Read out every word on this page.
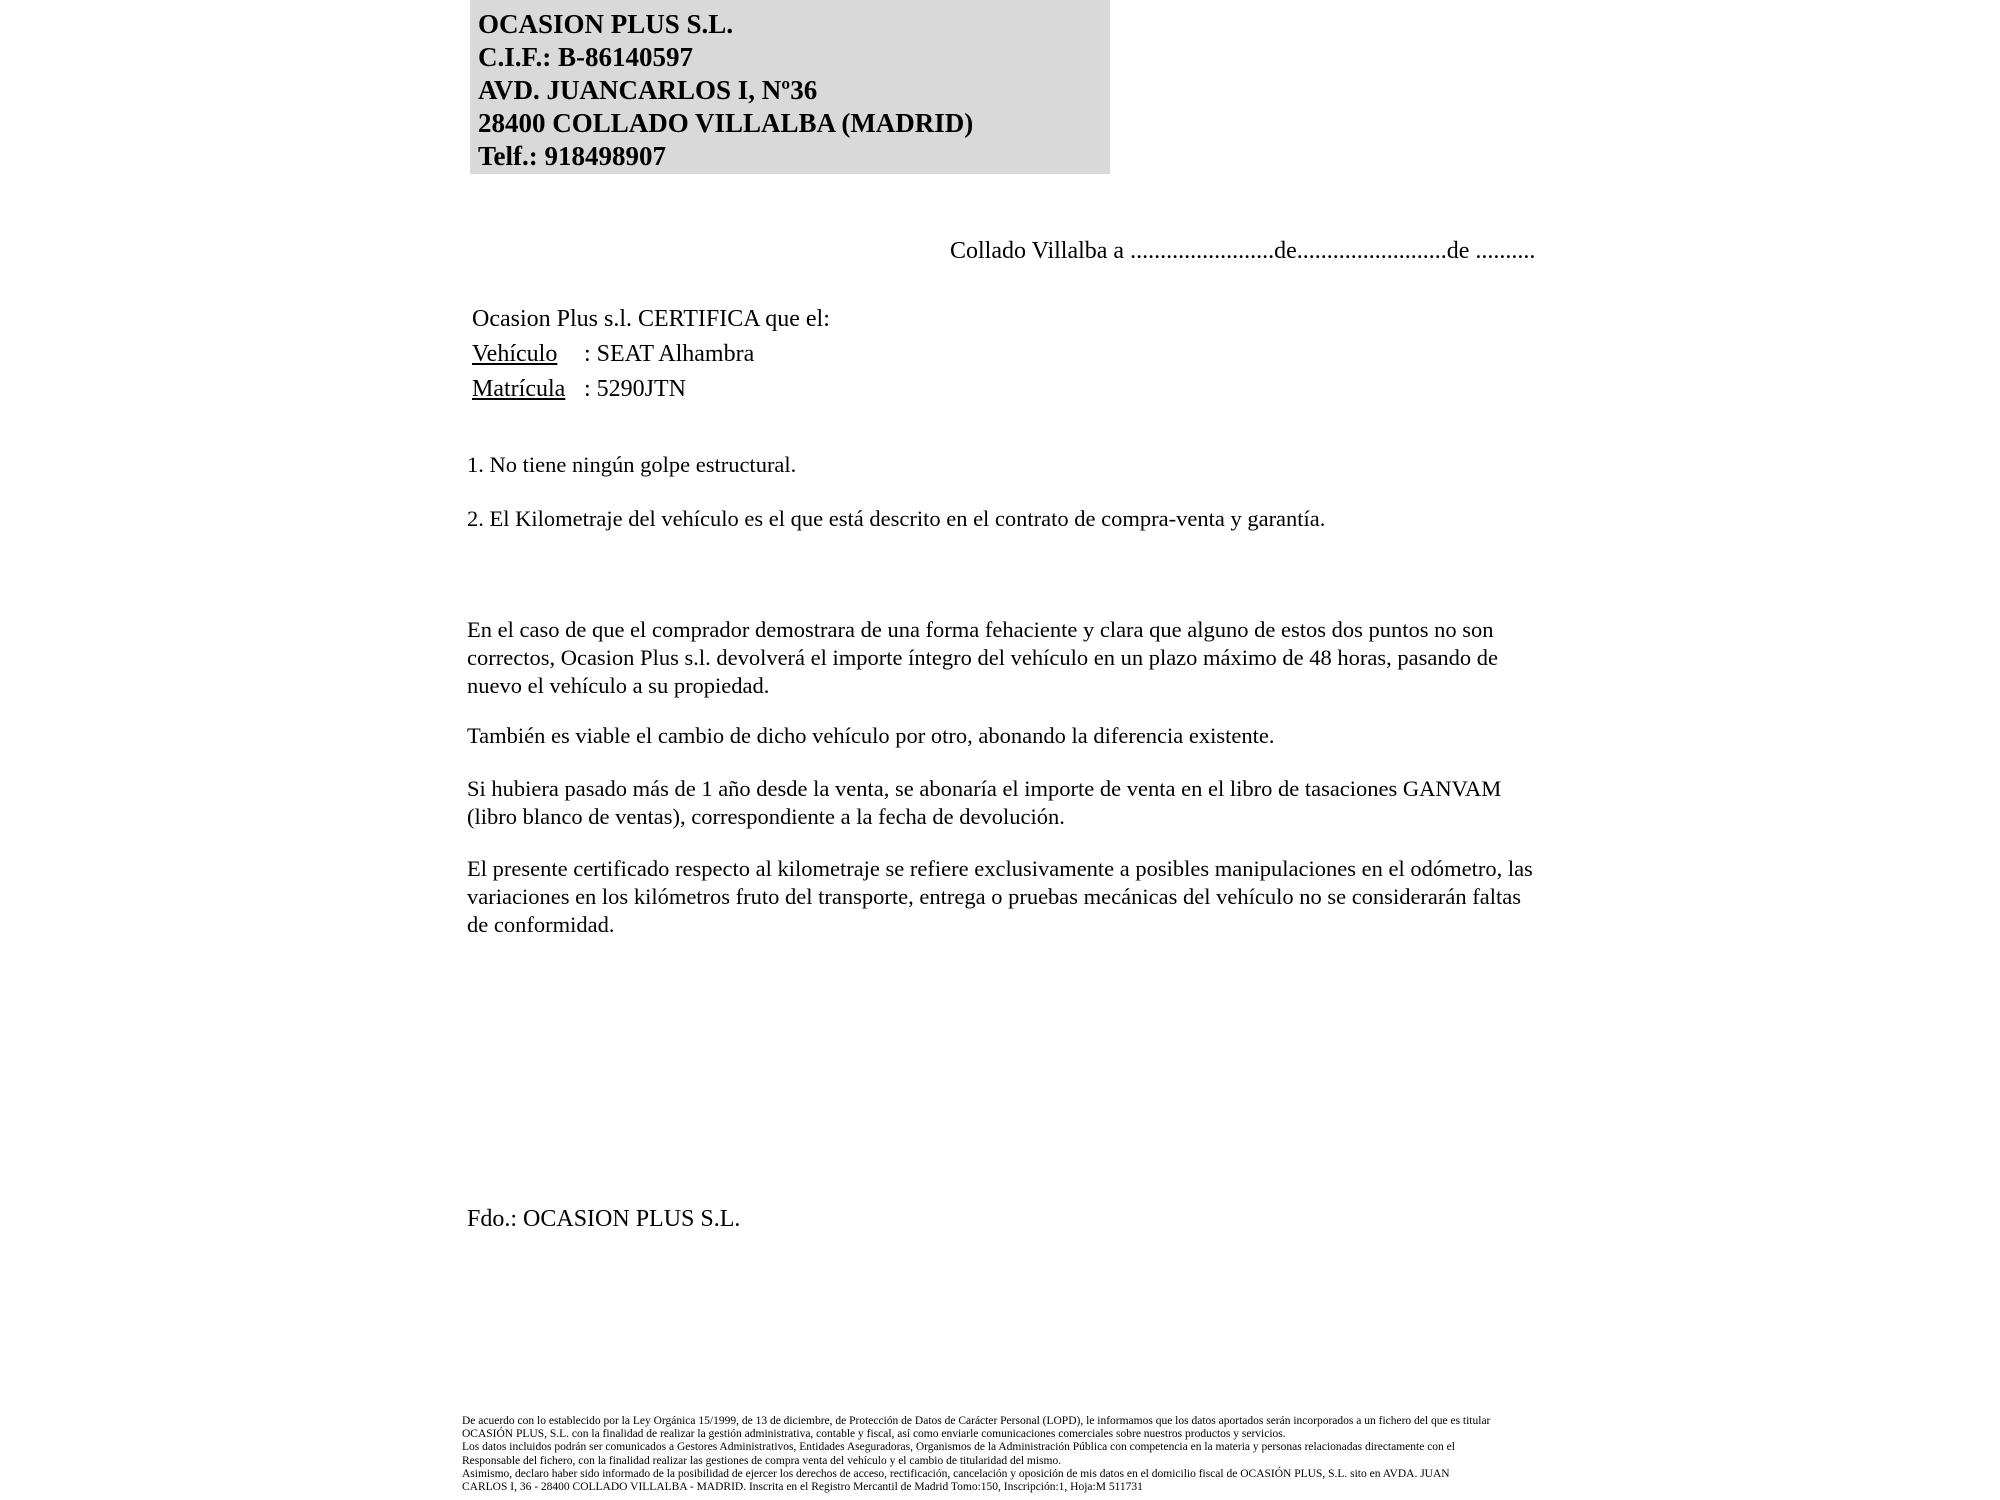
OCASION PLUS S.L.
C.I.F.: B-86140597
AVD. JUANCARLOS I, Nº36
28400 COLLADO VILLALBA (MADRID)
Telf.: 918498907
Collado Villalba a ........................de.........................de ..........
Ocasion Plus s.l. CERTIFICA que el:
Vehículo : SEAT Alhambra
Matrícula : 5290JTN
1. No tiene ningún golpe estructural.
2. El Kilometraje del vehículo es el que está descrito en el contrato de compra-venta y garantía.
En el caso de que el comprador demostrara de una forma fehaciente y clara que alguno de estos dos puntos no son correctos, Ocasion Plus s.l. devolverá el importe íntegro del vehículo en un plazo máximo de 48 horas, pasando de nuevo el vehículo a su propiedad.
También es viable el cambio de dicho vehículo por otro, abonando la diferencia existente.
Si hubiera pasado más de 1 año desde la venta, se abonaría el importe de venta en el libro de tasaciones GANVAM (libro blanco de ventas), correspondiente a la fecha de devolución.
El presente certificado respecto al kilometraje se refiere exclusivamente a posibles manipulaciones en el odómetro, las variaciones en los kilómetros fruto del transporte, entrega o pruebas mecánicas del vehículo no se considerarán faltas de conformidad.
Fdo.: OCASION PLUS S.L.
De acuerdo con lo establecido por la Ley Orgánica 15/1999, de 13 de diciembre, de Protección de Datos de Carácter Personal (LOPD), le informamos que los datos aportados serán incorporados a un fichero del que es titular
OCASIÓN PLUS, S.L. con la finalidad de realizar la gestión administrativa, contable y fiscal, así como enviarle comunicaciones comerciales sobre nuestros productos y servicios.
Los datos incluidos podrán ser comunicados a Gestores Administrativos, Entidades Aseguradoras, Organismos de la Administración Pública con competencia en la materia y personas relacionadas directamente con el
Responsable del fichero, con la finalidad realizar las gestiones de compra venta del vehículo y el cambio de titularidad del mismo.
Asimismo, declaro haber sido informado de la posibilidad de ejercer los derechos de acceso, rectificación, cancelación y oposición de mis datos en el domicilio fiscal de OCASIÓN PLUS, S.L. sito en AVDA. JUAN
CARLOS I, 36 - 28400 COLLADO VILLALBA - MADRID. Inscrita en el Registro Mercantil de Madrid Tomo:150, Inscripción:1, Hoja:M 511731
